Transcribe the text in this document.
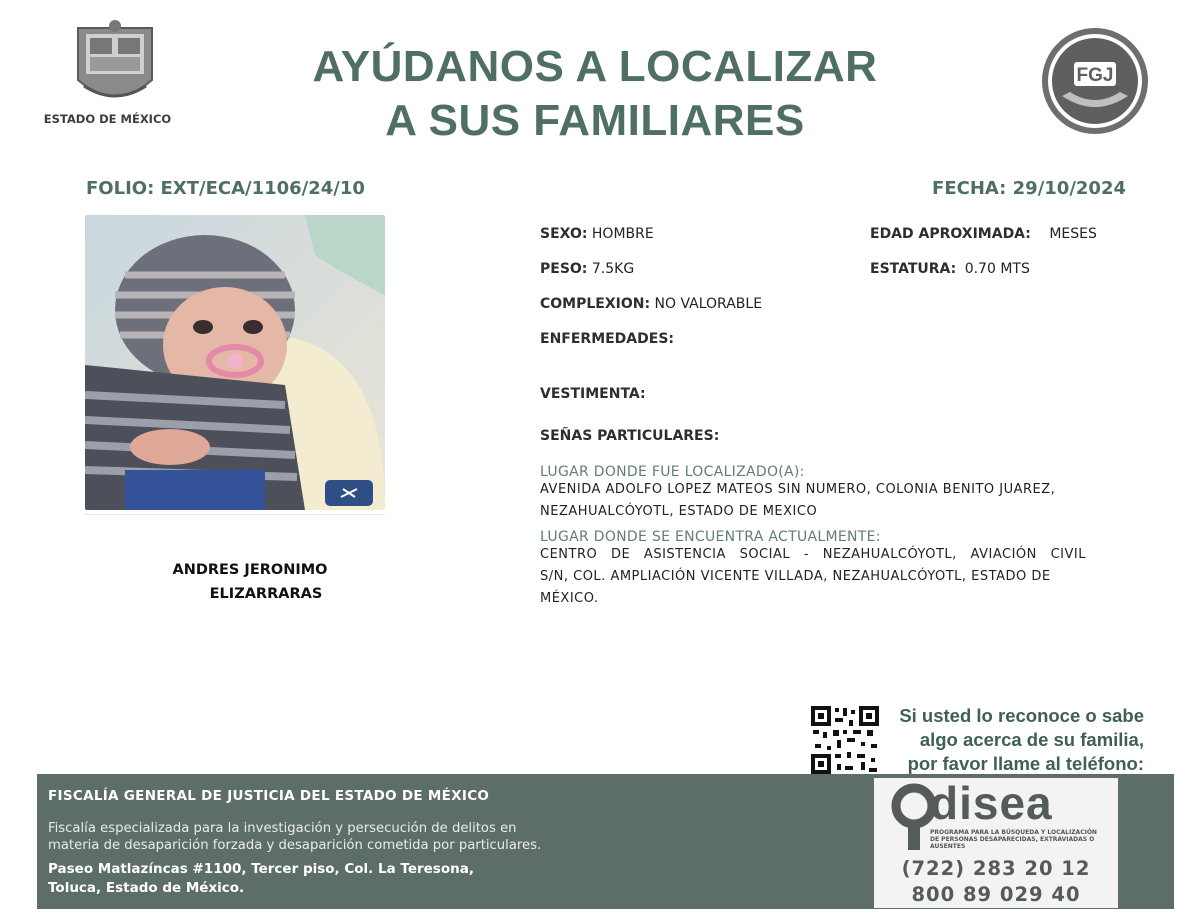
ESTADO DE MÉXICO
AYÚDANOS A LOCALIZAR
A SUS FAMILIARES
FGJ
FOLIO: EXT/ECA/1106/24/10	FECHA: 29/10/2024
ANDRES JERONIMO
ELIZARRARAS
SEXO: HOMBRE	EDAD APROXIMADA: MESES
PESO: 7.5KG	ESTATURA: 0.70 MTS
COMPLEXION: NO VALORABLE
ENFERMEDADES:
VESTIMENTA:
SEÑAS PARTICULARES:
LUGAR DONDE FUE LOCALIZADO(A):
AVENIDA ADOLFO LOPEZ MATEOS SIN NUMERO, COLONIA BENITO JUAREZ,
NEZAHUALCÓYOTL, ESTADO DE MEXICO
LUGAR DONDE SE ENCUENTRA ACTUALMENTE:
CENTRO DE ASISTENCIA SOCIAL - NEZAHUALCÓYOTL, AVIACIÓN CIVIL
S/N, COL. AMPLIACIÓN VICENTE VILLADA, NEZAHUALCÓYOTL, ESTADO DE
MÉXICO.
Si usted lo reconoce o sabe
algo acerca de su familia,
por favor llame al teléfono:
FISCALÍA GENERAL DE JUSTICIA DEL ESTADO DE MÉXICO
Fiscalía especializada para la investigación y persecución de delitos en
materia de desaparición forzada y desaparición cometida por particulares.
Paseo Matlazíncas #1100, Tercer piso, Col. La Teresona,
Toluca, Estado de México.
disea
PROGRAMA PARA LA BÚSQUEDA Y LOCALIZACIÓN
DE PERSONAS DESAPARECIDAS, EXTRAVIADAS O
AUSENTES
(722) 283 20 12
800 89 029 40
